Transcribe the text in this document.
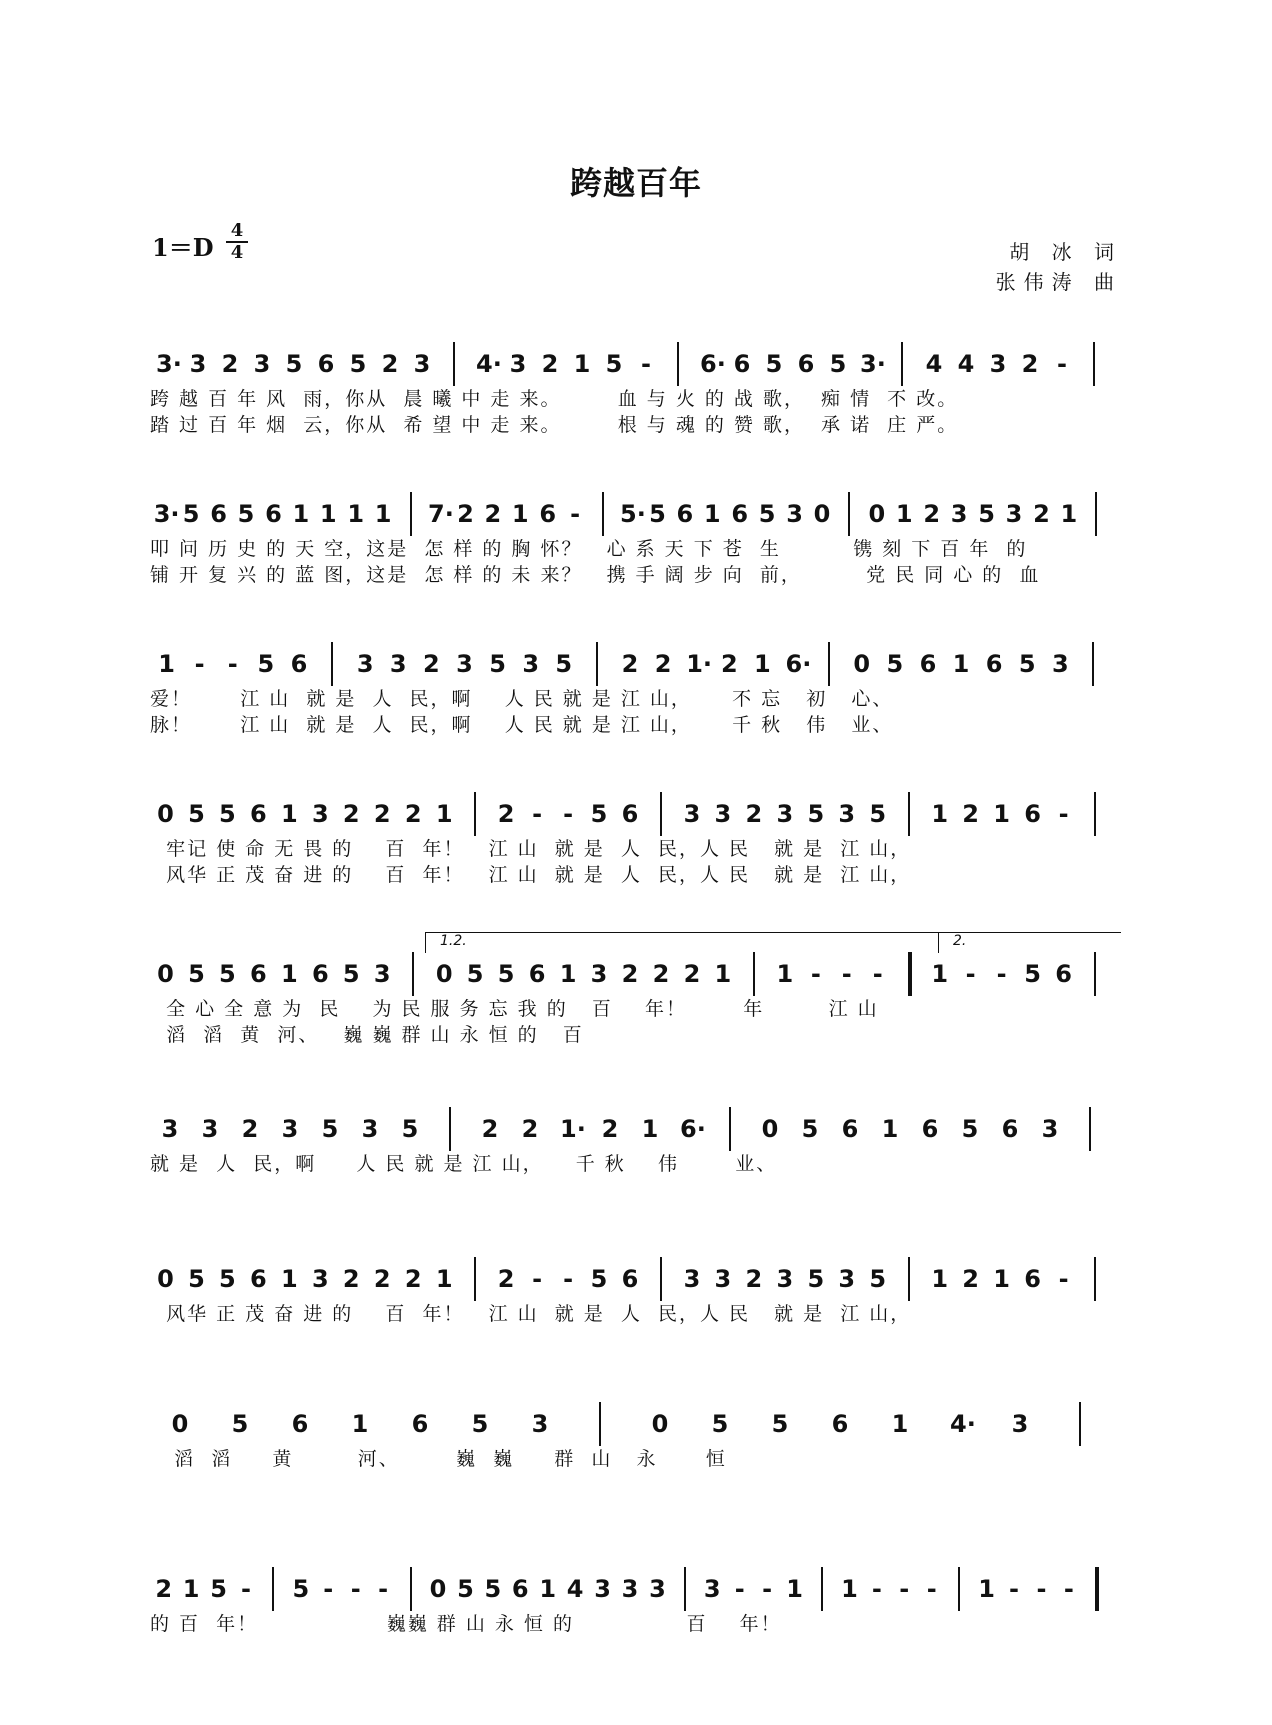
跨越百年
1＝D
4
4	胡 冰 词
张伟涛 曲
3· 3 2 3 5 6 5 2 3 4· 3 2 1 5 - 6· 6 5 6 5 3· 4 4 3 2 -
跨 越 百 年 风  雨，你从  晨 曦 中 走 来。       血 与 火 的 战 歌，  痴 情  不 改。
踏 过 百 年 烟  云，你从  希 望 中 走 来。       根 与 魂 的 赞 歌，  承 诺  庄 严。
3· 5 6 5 6 1 1 1 1 7· 2 2 1 6 - 5· 5 6 1 6 5 3 0 0 1 2 3 5 3 2 1
叩 问 历 史 的 天 空，这是  怎 样 的 胸 怀？   心 系 天 下 苍  生         镌 刻 下 百 年  的
铺 开 复 兴 的 蓝 图，这是  怎 样 的 未 来？   携 手 阔 步 向  前，        党 民 同 心 的  血
1 - - 5 6 3 3 2 3 5 3 5 2 2 1· 2 1 6· 0 5 6 1 6 5 3
爱！      江 山  就 是  人  民，啊    人 民 就 是 江 山，     不 忘   初   心、
脉！      江 山  就 是  人  民，啊    人 民 就 是 江 山，     千 秋   伟   业、
0 5 5 6 1 3 2 2 2 1 2 - - 5 6 3 3 2 3 5 3 5 1 2 1 6 -
牢记 使 命 无 畏 的    百  年！   江 山  就 是  人  民，人 民   就 是  江 山，
风华 正 茂 奋 进 的    百  年！   江 山  就 是  人  民，人 民   就 是  江 山，
0 5 5 6 1 6 5 3 0 5 5 6 1 3 2 2 2 1 1 - - - 1 - - 5 6
1.2.	2.
全 心 全 意 为  民    为 民 服 务 忘 我 的   百    年！       年        江 山
滔  滔  黄  河、   巍 巍 群 山 永 恒 的   百
3 3 2 3 5 3 5	2 2 1· 2 1 6· 0 5 6 1 6 5 6 3
就 是  人  民，啊     人 民 就 是 江 山，    千 秋    伟       业、
0 5 5 6 1 3 2 2 2 1 2 - - 5 6 3 3 2 3 5 3 5 1 2 1 6 -
风华 正 茂 奋 进 的    百  年！   江 山  就 是  人  民，人 民   就 是  江 山，
0 5 6 1 6 5 3	0 5 5 6 1 4· 3
滔  滔     黄        河、       巍  巍     群  山   永      恒
2 1 5 - 5 - - - 0 5 5 6 1 4 3 3 3 3 - - 1 1 - - - 1 - - -
的 百  年！                巍巍 群 山 永 恒 的              百    年！
